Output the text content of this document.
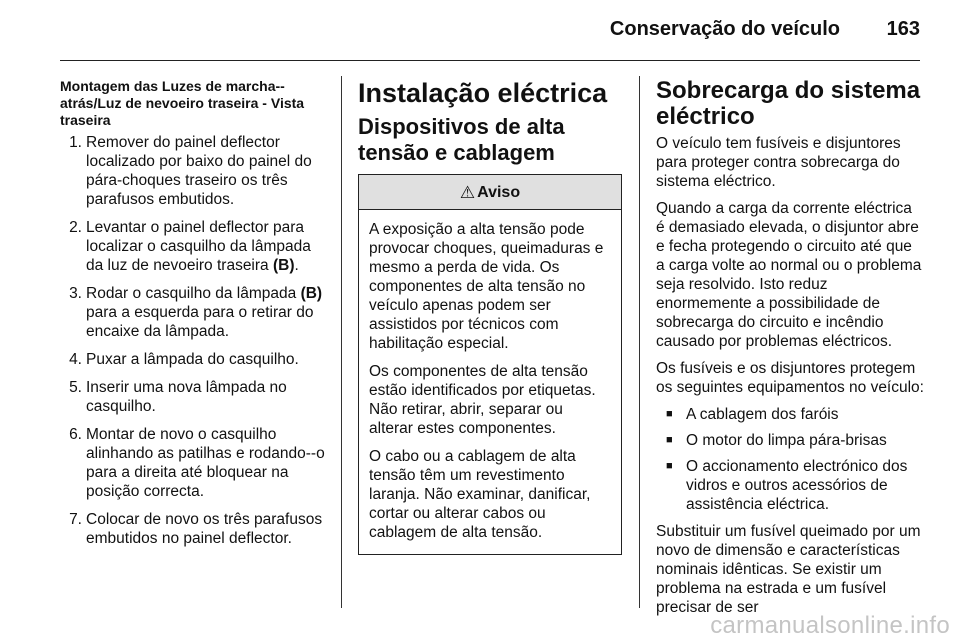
Conservação do veículo 163
Montagem das Luzes de marcha--atrás/Luz de nevoeiro traseira - Vista traseira
1. Remover do painel deflector localizado por baixo do painel do pára-choques traseiro os três parafusos embutidos.
2. Levantar o painel deflector para localizar o casquilho da lâmpada da luz de nevoeiro traseira (B).
3. Rodar o casquilho da lâmpada (B) para a esquerda para o retirar do encaixe da lâmpada.
4. Puxar a lâmpada do casquilho.
5. Inserir uma nova lâmpada no casquilho.
6. Montar de novo o casquilho alinhando as patilhas e rodando--o para a direita até bloquear na posição correcta.
7. Colocar de novo os três parafusos embutidos no painel deflector.
Instalação eléctrica
Dispositivos de alta tensão e cablagem
⚠ Aviso

A exposição a alta tensão pode provocar choques, queimaduras e mesmo a perda de vida. Os componentes de alta tensão no veículo apenas podem ser assistidos por técnicos com habilitação especial.

Os componentes de alta tensão estão identificados por etiquetas. Não retirar, abrir, separar ou alterar estes componentes.

O cabo ou a cablagem de alta tensão têm um revestimento laranja. Não examinar, danificar, cortar ou alterar cabos ou cablagem de alta tensão.

Sobrecarga do sistema eléctrico

O veículo tem fusíveis e disjuntores para proteger contra sobrecarga do sistema eléctrico.

Quando a carga da corrente eléctrica é demasiado elevada, o disjuntor abre e fecha protegendo o circuito até que a carga volte ao normal ou o problema seja resolvido. Isto reduz enormemente a possibilidade de sobrecarga do circuito e incêndio causado por problemas eléctricos.

Os fusíveis e os disjuntores protegem os seguintes equipamentos no veículo:

■ A cablagem dos faróis
■ O motor do limpa pára-brisas
■ O accionamento electrónico dos vidros e outros acessórios de assistência eléctrica.

Substituir um fusível queimado por um novo de dimensão e características nominais idênticas. Se existir um problema na estrada e um fusível precisar de ser

carmanualsonline.info
